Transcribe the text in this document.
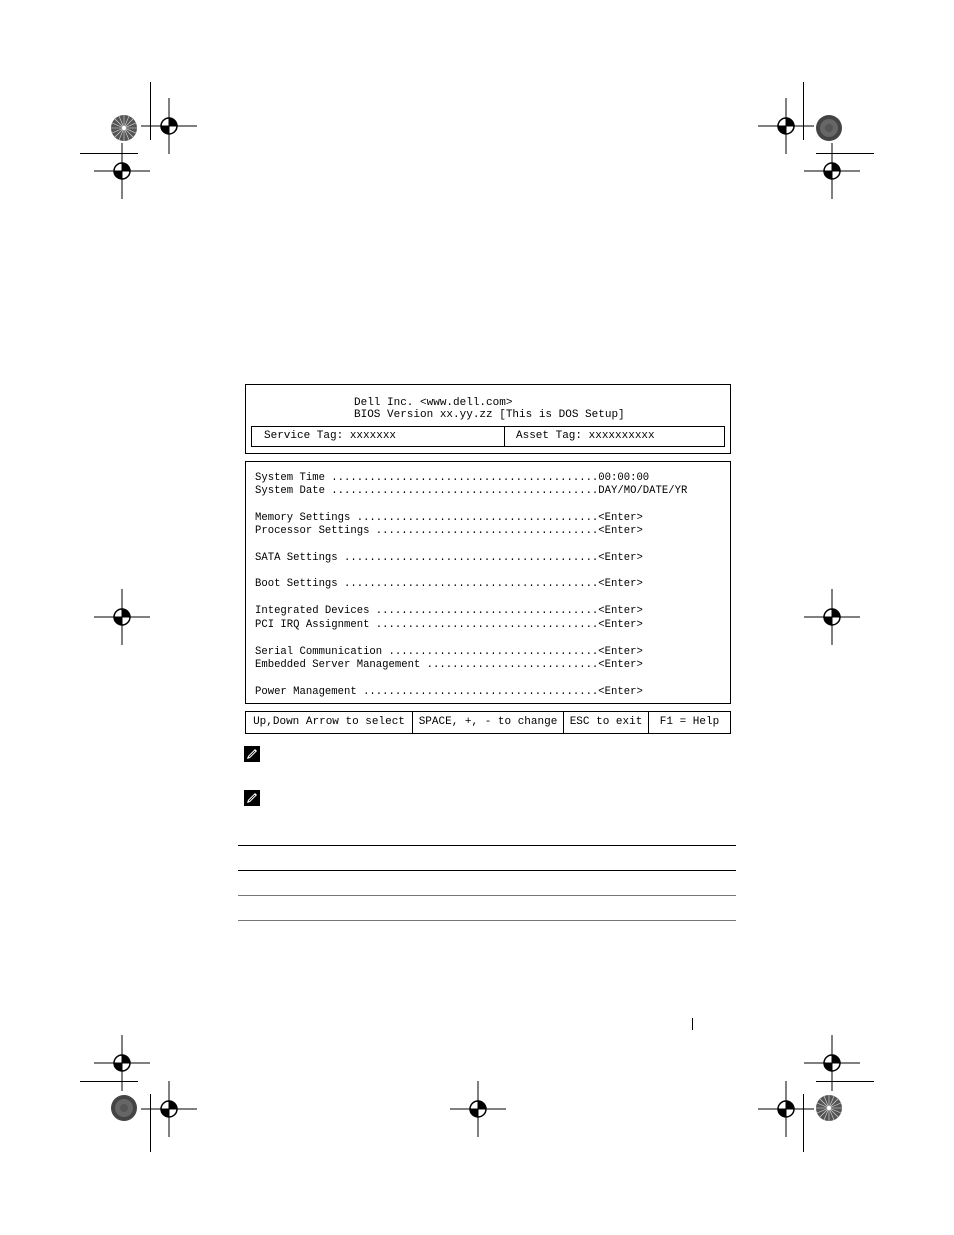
Dell Inc. <www.dell.com>
BIOS Version xx.yy.zz [This is DOS Setup]
Service Tag: xxxxxxx	Asset Tag: xxxxxxxxxx
System Time ..........................................00:00:00
System Date ..........................................DAY/MO/DATE/YR
Memory Settings ......................................<Enter>
Processor Settings ...................................<Enter>
SATA Settings ........................................<Enter>
Boot Settings ........................................<Enter>
Integrated Devices ...................................<Enter>
PCI IRQ Assignment ...................................<Enter>
Serial Communication .................................<Enter>
Embedded Server Management ...........................<Enter>
Power Management .....................................<Enter>
Up,Down Arrow to select	SPACE, +, - to change	ESC to exit	F1 = Help
